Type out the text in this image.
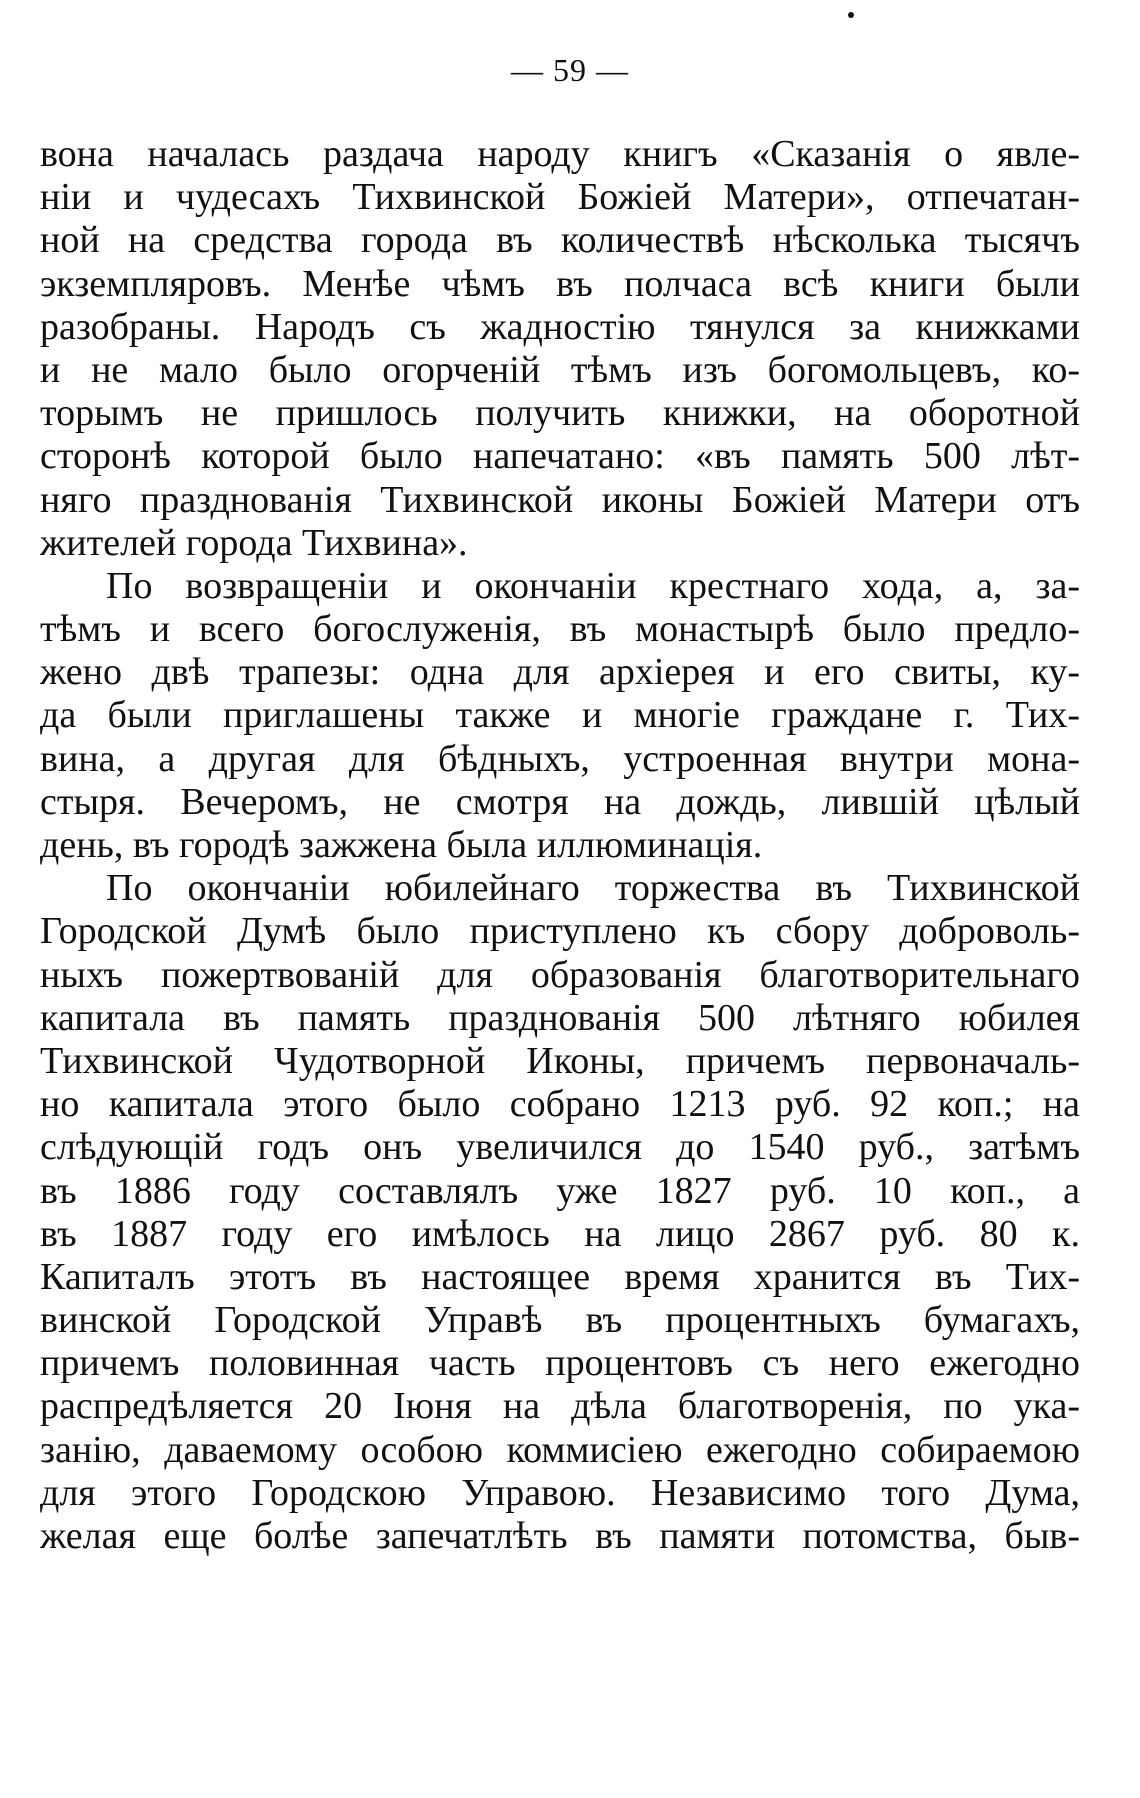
— 59 —
вона началась раздача народу книгъ «Сказанія о явле-
ніи и чудесахъ Тихвинской Божіей Матери», отпечатан-
ной на средства города въ количествѣ нѣсколька тысячъ
экземпляровъ. Менѣе чѣмъ въ полчаса всѣ книги были
разобраны. Народъ съ жадностію тянулся за книжками
и не мало было огорченій тѣмъ изъ богомольцевъ, ко-
торымъ не пришлось получить книжки, на оборотной
сторонѣ которой было напечатано: «въ память 500 лѣт-
няго празднованія Тихвинской иконы Божіей Матери отъ
жителей города Тихвина».
По возвращеніи и окончаніи крестнаго хода, а, за-
тѣмъ и всего богослуженія, въ монастырѣ было предло-
жено двѣ трапезы: одна для архіерея и его свиты, ку-
да были приглашены также и многіе граждане г. Тих-
вина, а другая для бѣдныхъ, устроенная внутри мона-
стыря. Вечеромъ, не смотря на дождь, лившій цѣлый
день, въ городѣ зажжена была иллюминація.
По окончаніи юбилейнаго торжества въ Тихвинской
Городской Думѣ было приступлено къ сбору доброволь-
ныхъ пожертвованій для образованія благотворительнаго
капитала въ память празднованія 500 лѣтняго юбилея
Тихвинской Чудотворной Иконы, причемъ первоначаль-
но капитала этого было собрано 1213 руб. 92 коп.; на
слѣдующій годъ онъ увеличился до 1540 руб., затѣмъ
въ 1886 году составлялъ уже 1827 руб. 10 коп., а
въ 1887 году его имѣлось на лицо 2867 руб. 80 к.
Капиталъ этотъ въ настоящее время хранится въ Тих-
винской Городской Управѣ въ процентныхъ бумагахъ,
причемъ половинная часть процентовъ съ него ежегодно
распредѣляется 20 Іюня на дѣла благотворенія, по ука-
занію, даваемому особою коммисіею ежегодно собираемою
для этого Городскою Управою. Независимо того Дума,
желая еще болѣе запечатлѣть въ памяти потомства, быв-
